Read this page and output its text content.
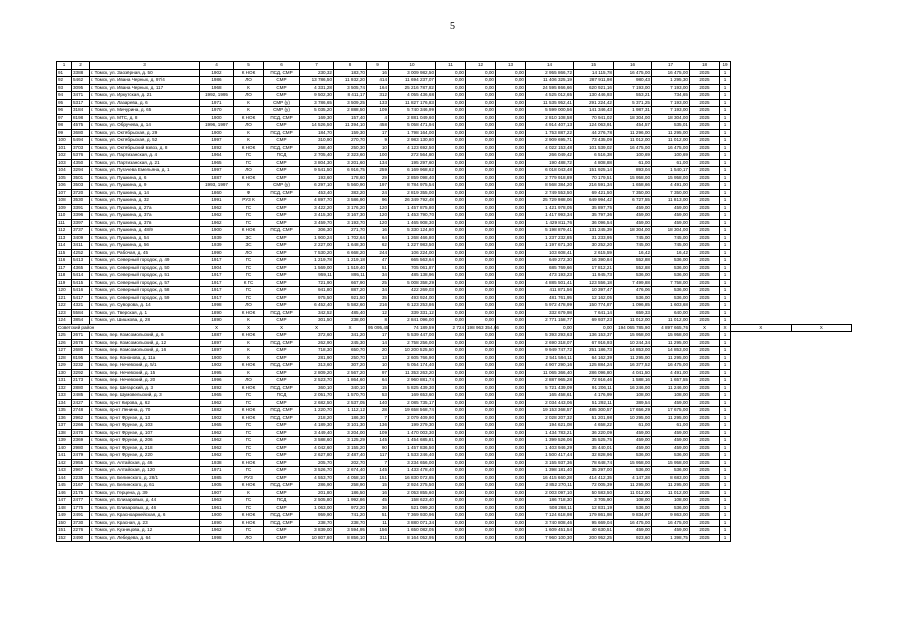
5
1	2	3	4	5	6	7	8	9	10	11	12	13	14	15	16	17	18	19		
91	3388	г. Томск, ул. Заозёрная, д. 50	1902	К НОК	ПСД, СМР	230,32	183,70	16	3 009 982,50	0,00	0,00	0,00	2 955 866,72	14 115,78	16 475,00	16 475,00	2025	1		
92	5462	г. Томск, ул. Ивана Черных, д. 97/4	1986	ЛО	СМР	13 786,50	11 932,20	414	11 694 237,07	0,00	0,00	0,00	11 406 325,19	287 911,98	980,43	1 295,30	2025	1		
93	3095	г. Томск, ул. Ивана Черных, д. 117	1968	К	СМР	4 331,28	3 505,74	164	25 216 787,82	0,00	0,00	0,00	24 595 866,66	620 921,16	7 193,00	7 193,00	2025	1		
94	3471	г. Томск, ул. Иркутская, д. 21	1992, 1995	ЛО	СМР	9 502,30	8 411,17	312	4 055 436,68	0,00	0,00	0,00	4 525 012,65	130 446,93	553,21	734,65	2025	1		
95	5317	г. Томск, ул. Лазарева, д. 6	1971	К	СМР (у)	3 786,65	3 509,25	133	11 827 176,83	0,00	0,00	0,00	11 535 952,41	291 224,42	5 371,25	7 193,00	2025	1		
96	3184	г. Томск, ул. Мичурина, д. 65	1970	К	СМР (у)	5 035,20	2 888,50	109	5 740 346,99	0,00	0,00	0,00	5 599 000,56	141 346,43	1 987,31	7 193,00	2025	1		
97	8198	г. Томск, ул. МТС, д. 8	1900	К НОК	ПСД, СМР	169,30	157,40	4	2 881 049,60	0,00	0,00	0,00	2 810 108,58	70 941,02	18 304,00	18 304,00	2025	1		
98	4575	г. Томск, ул. Обручева, д. 14	1996, 1997	ЛО	СМР	14 526,50	11 394,10	458	5 058 471,94	0,00	0,00	0,00	4 914 407,13	124 063,91	454,57	535,01	2025	1		
99	3680	г. Томск, ул. Октябрьская, д. 29	1900	К	ПСД, СМР	184,70	159,30	17	1 798 164,00	0,00	0,00	0,00	1 753 887,22	44 276,78	11 296,00	11 295,00	2025	1		
100	5494	г. Томск, ул. Октябрьская, д. 52	1997	К	СМР	310,90	270,70	9	2 983 130,80	0,00	0,00	0,00	2 909 695,71	73 435,09	11 012,00	11 012,00	2025	1		
101	3703	г. Томск, ул. Октябрьский взвоз, д. 8	1892	К НОК	ПСД, СМР	268,40	250,30	10	4 123 692,50	0,00	0,00	0,00	4 022 153,48	101 539,02	16 475,00	16 475,00	2025	1		
102	5376	г. Томск, ул. Партизанская, д. 4	1964	ГС	ПСД	2 705,40	2 323,60	100	272 564,80	0,00	0,00	0,00	266 049,42	6 516,38	100,69	100,69	2025	1		
103	4350	г. Томск, ул. Партизанская, д. 21	1965	ГС	СМР	3 804,30	3 201,60	134	195 297,60	0,00	0,00	0,00	190 488,72	4 808,88	61,00	61,00	2025	1		
104	3294	г. Томск, ул. Пугачева Емельяна, д. 1	1997	ЛО	СМР	9 541,50	6 916,75	259	6 169 968,62	0,00	0,00	0,00	6 018 043,48	151 925,14	893,04	1 540,17	2025	1		
105	3501	г. Томск, ул. Пушкина, д. 6	1887	К НОК	СМР	193,60	178,60	29	2 859 098,40	0,00	0,00	0,00	2 779 918,89	70 179,51	15 958,00	15 958,00	2025	1		
106	3503	г. Томск, ул. Пушкина, д. 9	1993, 1997	К	СМР (у)	6 297,10	5 560,90	197	8 784 975,54	0,00	0,00	0,00	8 568 384,20	216 591,34	1 658,66	4 491,00	2025	1		
107	3720	г. Томск, ул. Пушкина, д. 14	1860	Ф	ПСД, СМР	453,40	383,20	24	2 819 355,00	0,00	0,00	0,00	2 749 553,50	69 421,50	7 350,00	7 350,00	2025	1		
108	3530	г. Томск, ул. Пушкина, д. 32	1991	РУЗ К	СМР	4 897,70	3 586,90	96	26 349 792,48	0,00	0,00	0,00	25 729 988,06	649 994,42	6 727,55	11 813,00	2025	1		
109	3391	г. Томск, ул. Пушкина, д. 27а	1962	ГС	СМР	3 422,20	3 176,20	120	1 457 875,80	0,00	0,00	0,00	1 421 978,05	35 897,75	459,00	459,00	2025	1		
110	3396	г. Томск, ул. Пушкина, д. 37а	1962	ГС	СМР	3 415,30	3 167,30	120	1 453 790,70	0,00	0,00	0,00	1 417 993,34	35 797,36	459,00	459,00	2025	1		
111	3397	г. Томск, ул. Пушкина, д. 37в	1962	ГС	СМР	3 459,70	3 193,70	120	1 465 908,30	0,00	0,00	0,00	1 429 811,76	36 096,54	459,00	459,00	2025	1		
112	3737	г. Томск, ул. Пушкина, д. 48/9	1900	К НОК	ПСД, СМР	306,30	271,70	16	5 330 124,80	0,00	0,00	0,00	5 198 879,41	131 245,39	18 304,00	18 304,00	2025	1		
113	3409	г. Томск, ул. Пушкина, д. 54	1939	ЗС	СМР	1 900,24	1 702,64	64	1 268 466,80	0,00	0,00	0,00	1 237 232,85	31 233,95	745,00	745,00	2025	1		
114	3411	г. Томск, ул. Пушкина, д. 56	1939	ЗС	СМР	2 227,00	1 648,30	62	1 227 983,50	0,00	0,00	0,00	1 197 671,30	30 252,20	745,00	745,00	2025	1		
115	4252	г. Томск, ул. Рабочая, д. 45	1990	ЛО	СМР	7 530,20	6 668,20	244	106 224,00	0,00	0,00	0,00	103 608,41	2 615,59	16,42	16,42	2025	1		
116	5413	г. Томск, ул. Северный городок, д. 49	1917	ГС	СМР	1 219,78	1 219,18	47	665 563,64	0,00	0,00	0,00	649 272,30	16 390,84	552,88	536,00	2025	1		
117	4365	г. Томск, ул. Северный городок, д. 50	1904	ГС	СМР	1 569,00	1 519,40	51	705 061,87	0,00	0,00	0,00	685 769,66	17 812,21	552,88	536,00	2025	1		
118	5414	г. Томск, ул. Северный городок, д. 51	1917	ГС	СМР	959,11	895,11	34	485 138,96	0,00	0,00	0,00	473 193,23	11 945,73	536,00	536,00	2025	1		
119	5415	г. Томск, ул. Северный городок, д. 57	1917	К ГС	СМР	721,90	667,90	25	5 008 358,29	0,00	0,00	0,00	4 885 501,41	123 556,18	7 499,88	7 758,00	2025	1		
120	5416	г. Томск, ул. Северный городок, д. 58	1917	ГС	СМР	941,80	887,20	34	422 269,03	0,00	0,00	0,00	411 871,56	10 397,47	476,06	536,00	2025	1		
121	5417	г. Томск, ул. Северный городок, д. 59	1917	ГС	СМР	975,50	921,50	35	493 924,00	0,00	0,00	0,00	481 761,95	12 162,05	536,00	536,00	2025	1		
122	4321	г. Томск, ул. Суворова, д. 14	1998	ЛО	СМР	6 452,40	5 582,60	216	6 123 253,86	0,00	0,00	0,00	5 972 478,99	150 774,87	1 096,85	1 603,68	2025	1		
123	5584	г. Томск, ул. Тверская, д. 1	1890	К НОК	ПСД, СМР	342,52	485,40	12	339 331,12	0,00	0,00	0,00	332 679,98	7 641,14	659,33	640,00	2025	1		
124	3854	г. Томск, ул. Шишкова, д. 28	1890	К	СМР	301,50	238,00	8	2 841 096,00	0,00	0,00	0,00	2 771 158,77	69 937,23	11 012,00	11 012,00	2025	1		
Советский район			Х	Х	Х	Х	Х	95 095,45	74 189,59	2 724	198 963 354,66	0,00	0,00	0,00	194 065 785,90	4 897 665,76	Х	Х	Х	Х
125	2671	г. Томск, пер. Комсомольский, д. 6	1887	К НОК	СМР	372,60	341,20	17	5 539 447,00	0,00	0,00	0,00	5 393 293,63	136 153,37	15 958,00	15 958,00	2025	1		
126	2678	г. Томск, пер. Комсомольский, д. 12	1897	К	ПСД, СМР	262,90	245,30	14	2 758 256,00	0,00	0,00	0,00	2 690 318,07	67 916,93	10 244,34	11 295,00	2025	1		
127	2680	г. Томск, пер. Комсомольский, д. 16	1897	К	СМР	718,30	650,70	20	10 200 525,50	0,00	0,00	0,00	9 949 747,72	251 186,73	14 853,00	14 853,00	2025	1		
128	8195	г. Томск, пер. Кононова, д. 11а	1900	К	СМР	281,90	250,70	13	2 605 766,90	0,00	0,00	0,00	2 541 594,11	64 162,39	11 295,00	11 295,00	2025	1		
129	3232	г. Томск, пер. Нечевский, д. 5/1	1902	К НОК	ПСД, СМР	313,60	307,20	10	5 054 174,40	0,00	0,00	0,00	4 907 290,16	125 884,24	16 377,52	16 475,00	2025	1		
130	3292	г. Томск, пер. Нечевский, д. 15	1995	К	СМР	2 809,20	2 567,20	97	11 353 263,20	0,00	0,00	0,00	11 065 366,40	286 096,80	4 041,50	4 491,00	2025	1		
131	2173	г. Томск, пер. Нечевский, д. 20	1996	ЛО	СМР	2 523,70	1 864,60	64	2 960 881,74	0,00	0,00	0,00	2 887 965,28	72 916,46	1 588,16	1 657,55	2025	1		
132	2880	г. Томск, пер. Шегарский, д. 3	1892	К НОК	ПСД, СМР	360,10	340,10	15	5 825 439,30	0,00	0,00	0,00	5 721 439,09	91 206,11	16 246,00	11 246,00	2025	1		
133	2485	г. Томск, пер. Шумовельский, д. 3	1965	ГС	ПСД	2 051,70	1 570,70	53	169 653,60	0,00	0,00	0,00	165 458,61	4 176,99	108,00	108,00	2025	1		
134	2427	г. Томск, пр-кт Кирова, д. 62	1962	ГС	СМР	2 682,50	2 537,05	140	2 085 735,17	0,00	0,00	0,00	2 034 443,06	51 292,11	389,54	459,00	2025	1		
135	2748	г. Томск, пр-кт Ленина, д. 70	1882	К НОК	ПСД, СМР	1 220,70	1 112,12	28	19 658 568,74	0,00	0,00	0,00	19 153 368,57	485 300,57	17 656,29	17 675,00	2025	1		
136	2962	г. Томск, пр-кт Фрунзе, д. 13	1902	К НОК	ПСД, СМР	218,20	186,30	7	2 079 409,90	0,00	0,00	0,00	2 028 207,32	51 201,98	10 295,00	11 295,00	2025	1		
137	2266	г. Томск, пр-кт Фрунзе, д. 103	1965	ГС	СМР	4 189,30	3 101,30	136	199 279,30	0,00	0,00	0,00	194 621,08	4 658,22	61,00	61,00	2025	1		
138	2470	г. Томск, пр-кт Фрунзе, д. 107	1962	ГС	СМР	3 449,40	3 204,00	109	1 470 003,30	0,00	0,00	0,00	1 434 783,21	36 220,09	459,00	459,00	2025	1		
139	2369	г. Томск, пр-кт Фрунзе, д. 206	1962	ГС	СМР	3 588,60	3 125,29	145	1 454 685,81	0,00	0,00	0,00	1 399 526,06	35 525,75	459,00	459,00	2025	1		
140	2980	г. Томск, пр-кт Фрунзе, д. 218	1962	ГС	СМР	4 042,60	3 155,20	90	1 457 836,50	0,00	0,00	0,00	1 403 946,29	35 440,01	459,00	459,00	2025	1		
141	2479	г. Томск, пр-кт Фрунзе, д. 220	1962	ГС	СМР	2 627,80	2 487,40	117	1 533 246,40	0,00	0,00	0,00	1 500 417,44	32 828,96	536,00	536,00	2025	1		
142	2955	г. Томск, ул. Алтайская, д. 46	1938	К НОК	СМР	205,70	202,70	7	3 234 656,00	0,00	0,00	0,00	3 155 937,36	78 648,74	15 958,00	15 958,00	2025	1		
143	2967	г. Томск, ул. Алтайская, д. 120	1971	ГС	СМР	3 526,70	2 674,40	145	1 433 478,40	0,00	0,00	0,00	1 398 181,40	35 297,00	536,00	536,00	2025	1		
144	2235	г. Томск, ул. Белинского, д. 28/1	1985	РУЗ	СМР	4 553,70	4 058,10	151	16 830 072,65	0,00	0,00	0,00	16 415 660,28	414 412,35	4 147,28	8 683,00	2025	1		
145	2167	г. Томск, ул. Белинского, д. 61	1905	К НОК	ПСД, СМР	286,90	258,90	15	2 924 275,50	0,00	0,00	0,00	2 852 270,11	72 005,39	11 295,00	11 295,00	2025	1		
146	2175	г. Томск, ул. Герцена, д. 39	1907	К	СМР	201,80	186,50	16	2 053 855,60	0,00	0,00	0,00	2 003 097,10	50 583,50	11 012,00	11 012,00	2025	1		
147	2477	г. Томск, ул. Елизаровых, д. 44	1963	ГС	ПСД	2 505,80	1 992,86	45	158 623,40	0,00	0,00	0,00	186 718,30	3 705,90	108,00	108,00	2025	1		
148	1775	г. Томск, ул. Елизаровых, д. 46	1961	ГС	СМР	1 063,00	972,20	36	521 099,20	0,00	0,00	0,00	508 268,11	12 831,19	536,00	536,00	2025	1		
149	2491	г. Томск, ул. Красноармейская, д. 6	1900	К НОК	ПСД, СМР	959,90	741,20	51	7 369 930,96	0,00	0,00	0,00	7 124 618,98	179 861,98	9 834,97	9 863,00	2025	1		
150	3730	г. Томск, ул. Красная, д. 23	1890	К НОК	ПСД, СМР	238,70	238,70	11	3 880 071,34	0,00	0,00	0,00	3 740 808,46	95 669,04	16 475,00	16 475,00	2025	1		
151	2276	г. Томск, ул. Кузнецова, д. 12	1962	ГС	СМР	3 839,00	3 594,95	156	1 650 082,05	0,00	0,00	0,00	1 609 451,54	40 630,51	459,00	459,00	2025	1		
152	2490	г. Томск, ул. Лебедева, д. 64	1998	ЛО	СМР	10 807,80	8 856,10	311	8 164 052,95	0,00	0,00	0,00	7 960 100,30	200 952,25	923,60	1 398,75	2025	1		
